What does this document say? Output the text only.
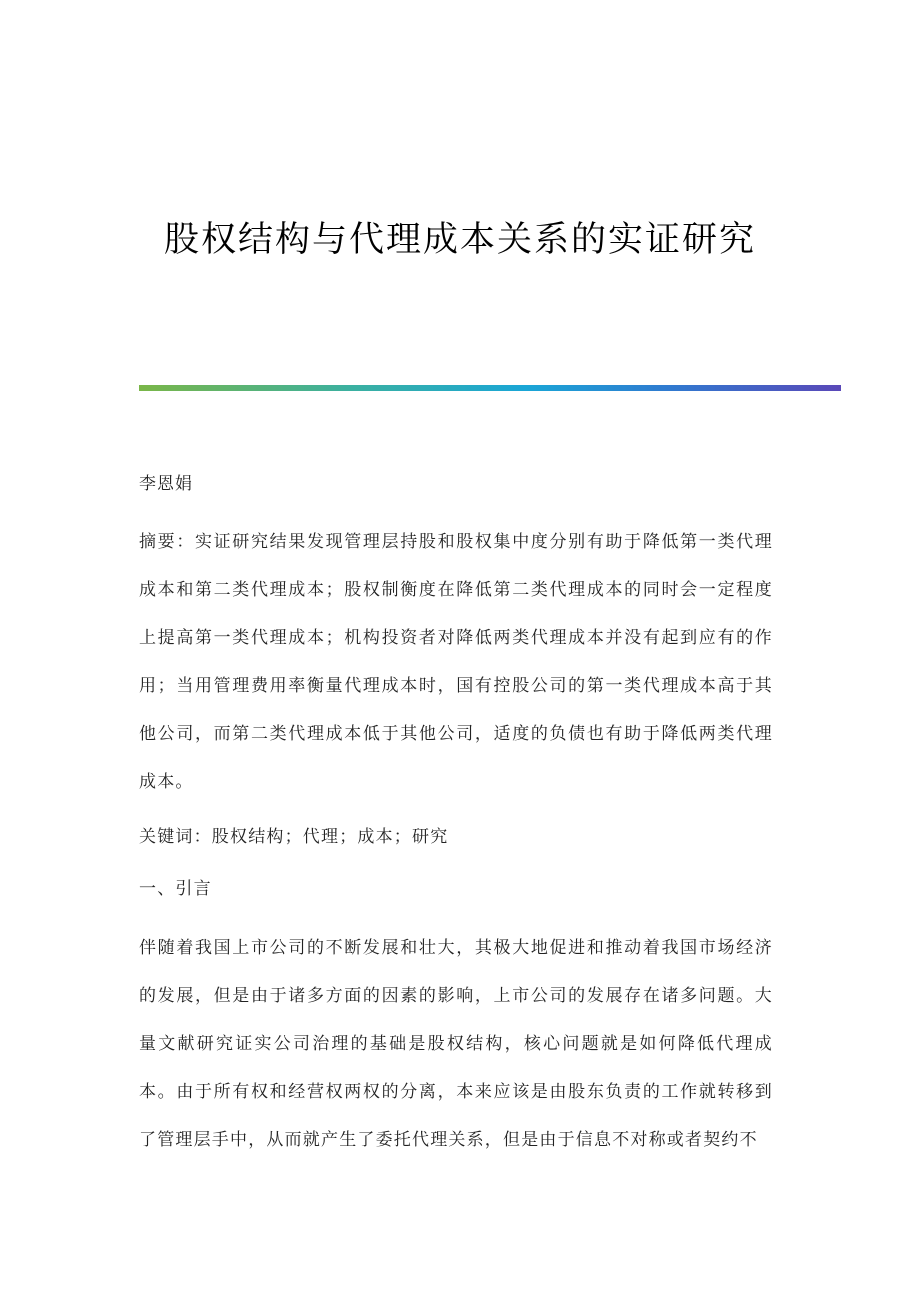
股权结构与代理成本关系的实证研究
李恩娟
摘要：实证研究结果发现管理层持股和股权集中度分别有助于降低第一类代理成本和第二类代理成本；股权制衡度在降低第二类代理成本的同时会一定程度上提高第一类代理成本；机构投资者对降低两类代理成本并没有起到应有的作用；当用管理费用率衡量代理成本时，国有控股公司的第一类代理成本高于其他公司，而第二类代理成本低于其他公司，适度的负债也有助于降低两类代理成本。
关键词：股权结构；代理；成本；研究
一、引言
伴随着我国上市公司的不断发展和壮大，其极大地促进和推动着我国市场经济的发展，但是由于诸多方面的因素的影响，上市公司的发展存在诸多问题。大量文献研究证实公司治理的基础是股权结构，核心问题就是如何降低代理成本。由于所有权和经营权两权的分离，本来应该是由股东负责的工作就转移到了管理层手中，从而就产生了委托代理关系，但是由于信息不对称或者契约不
